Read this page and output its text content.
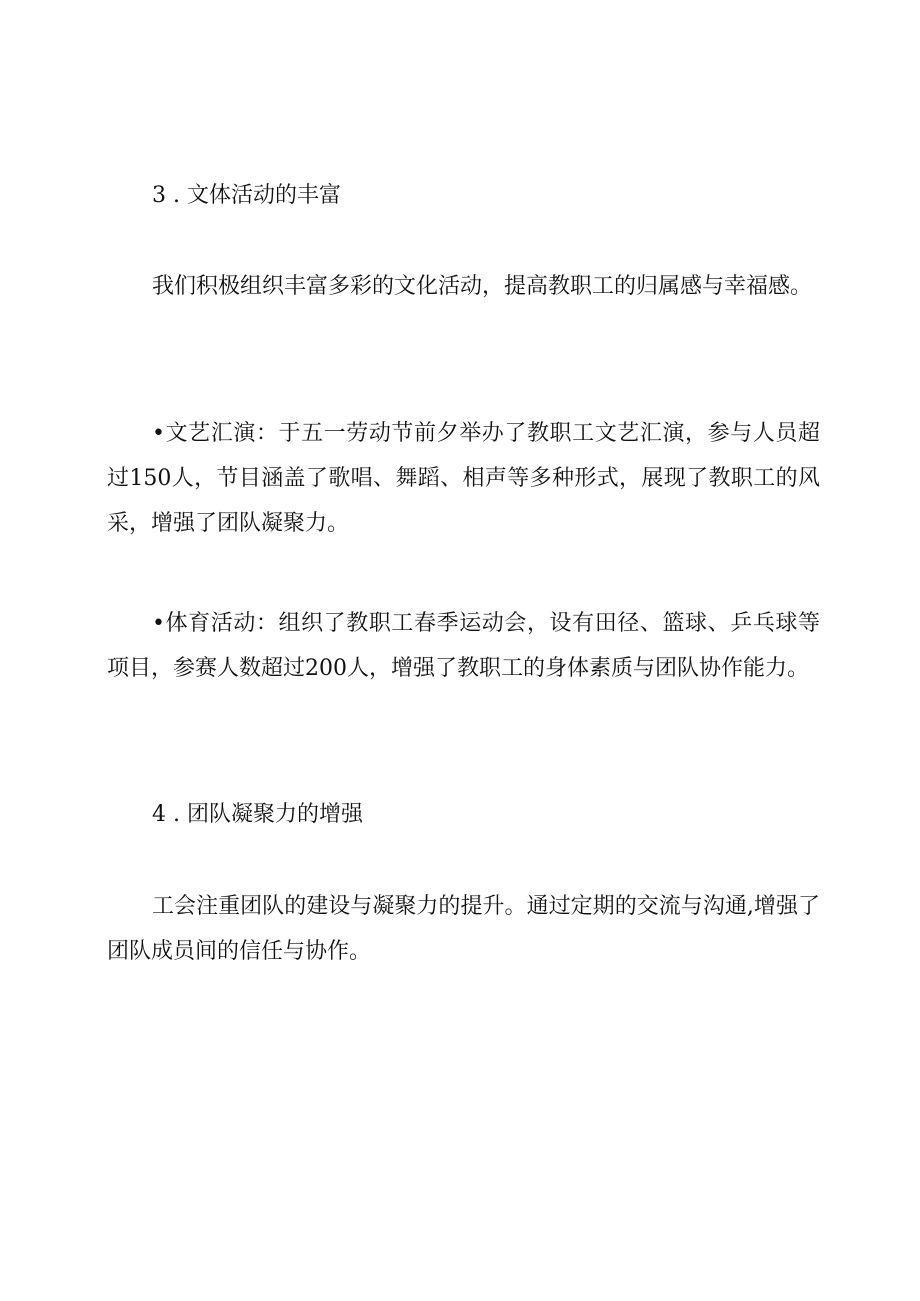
3 . 文体活动的丰富

我们积极组织丰富多彩的文化活动，提高教职工的归属感与幸福感。

•文艺汇演：于五一劳动节前夕举办了教职工文艺汇演，参与人员超过150人，节目涵盖了歌唱、舞蹈、相声等多种形式，展现了教职工的风采，增强了团队凝聚力。

•体育活动：组织了教职工春季运动会，设有田径、篮球、乒乓球等项目，参赛人数超过200人，增强了教职工的身体素质与团队协作能力。

4 . 团队凝聚力的增强

工会注重团队的建设与凝聚力的提升。通过定期的交流与沟通,增强了团队成员间的信任与协作。
